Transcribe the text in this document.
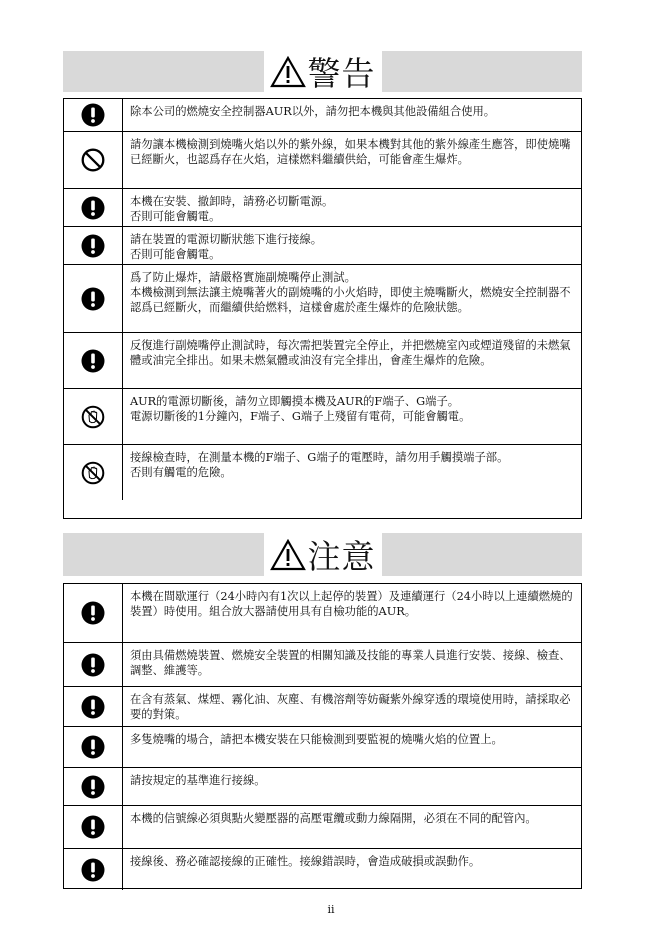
警告

除本公司的燃燒安全控制器AUR以外，請勿把本機與其他設備組合使用。

請勿讓本機檢測到燒嘴火焰以外的紫外線，如果本機對其他的紫外線產生應答，即使燒嘴已經斷火，也認爲存在火焰，這樣燃料繼續供給，可能會產生爆炸。

本機在安裝、撤卸時，請務必切斷電源。

否則可能會觸電。

請在裝置的電源切斷狀態下進行接線。

否則可能會觸電。

爲了防止爆炸，請嚴格實施副燒嘴停止測試。

本機檢測到無法讓主燒嘴著火的副燒嘴的小火焰時，即使主燒嘴斷火，燃燒安全控制器不認爲已經斷火，而繼續供給燃料，這樣會處於產生爆炸的危險狀態。

反復進行副燒嘴停止測試時，每次需把裝置完全停止，并把燃燒室內或煙道殘留的未燃氣體或油完全排出。如果未燃氣體或油沒有完全排出，會產生爆炸的危險。

AUR的電源切斷後，請勿立即觸摸本機及AUR的F端子、G端子。

電源切斷後的1分鐘內，F端子、G端子上殘留有電荷，可能會觸電。

接線檢查時，在測量本機的F端子、G端子的電壓時，請勿用手觸摸端子部。

否則有觸電的危險。

注意

本機在間歇運行（24小時內有1次以上起停的裝置）及連續運行（24小時以上連續燃燒的裝置）時使用。組合放大器請使用具有自檢功能的AUR。

須由具備燃燒裝置、燃燒安全裝置的相關知識及技能的專業人員進行安裝、接線、檢查、調整、維護等。

在含有蒸氣、煤煙、霧化油、灰塵、有機溶劑等妨礙紫外線穿透的環境使用時，請採取必要的對策。

多隻燒嘴的場合，請把本機安裝在只能檢測到要監視的燒嘴火焰的位置上。

請按規定的基準進行接線。

本機的信號線必須與點火變壓器的高壓電纜或動力線隔開，必須在不同的配管內。

接線後、務必確認接線的正確性。接線錯誤時，會造成破損或誤動作。

ii
